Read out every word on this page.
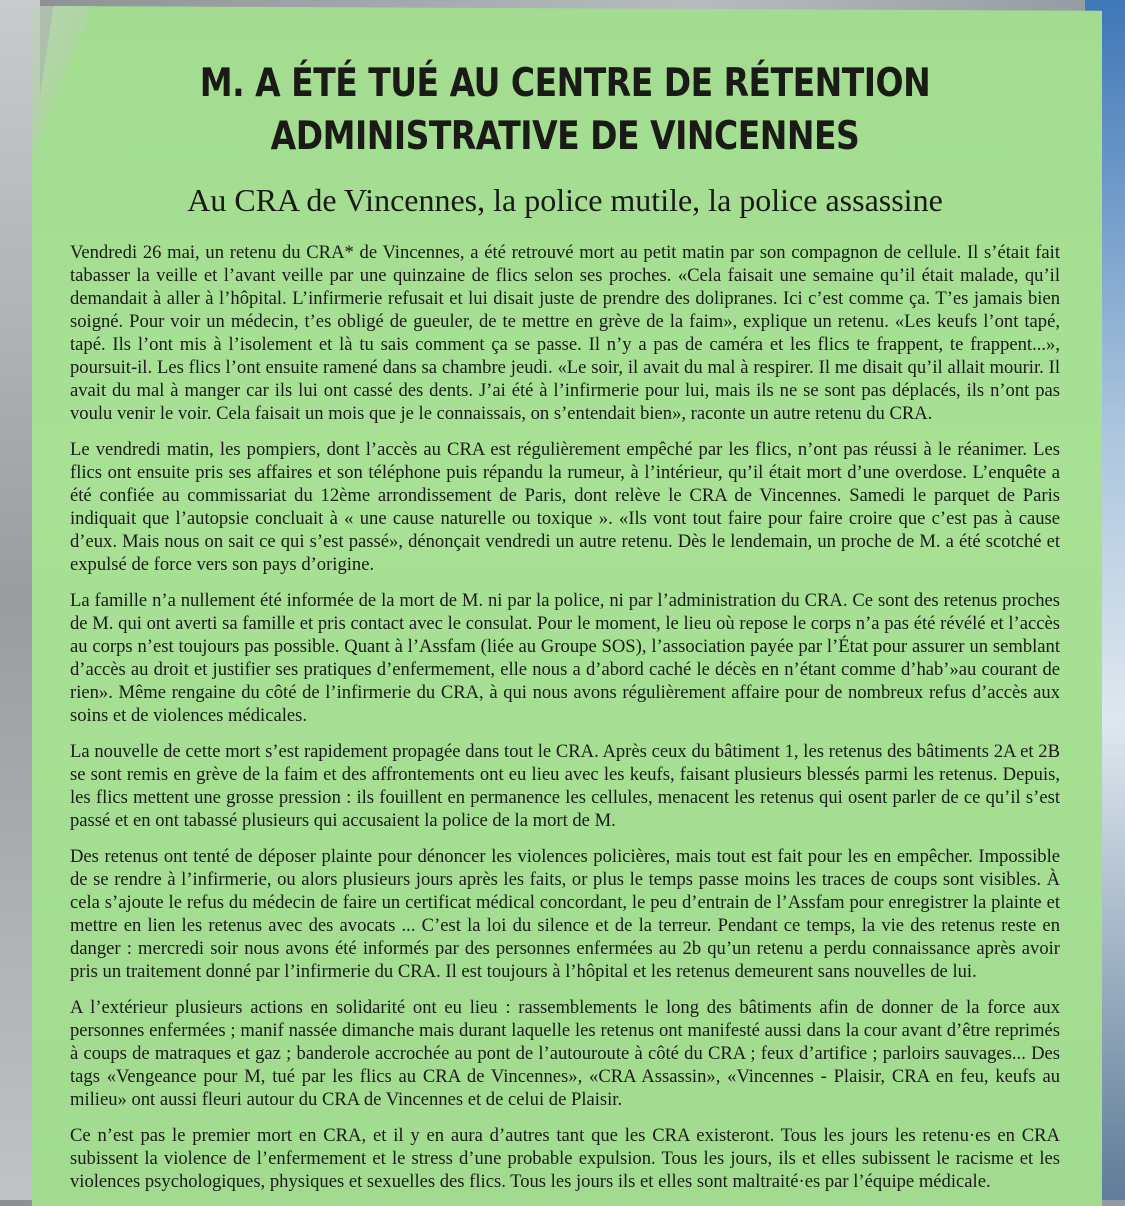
M. A ÉTÉ TUÉ AU CENTRE DE RÉTENTION ADMINISTRATIVE DE VINCENNES
Au CRA de Vincennes, la police mutile, la police assassine

Vendredi 26 mai, un retenu du CRA* de Vincennes, a été retrouvé mort au petit matin par son compagnon de cellule. Il s’était fait tabasser la veille et l’avant veille par une quinzaine de flics selon ses proches. «Cela faisait une semaine qu’il était malade, qu’il demandait à aller à l’hôpital. L’infirmerie refusait et lui disait juste de prendre des dolipranes. Ici c’est comme ça. T’es jamais bien soigné. Pour voir un médecin, t’es obligé de gueuler, de te mettre en grève de la faim», explique un retenu. «Les keufs l’ont tapé, tapé. Ils l’ont mis à l’isolement et là tu sais comment ça se passe. Il n’y a pas de caméra et les flics te frappent, te frappent...», poursuit-il. Les flics l’ont ensuite ramené dans sa chambre jeudi. «Le soir, il avait du mal à respirer. Il me disait qu’il allait mourir. Il avait du mal à manger car ils lui ont cassé des dents. J’ai été à l’infirmerie pour lui, mais ils ne se sont pas déplacés, ils n’ont pas voulu venir le voir. Cela faisait un mois que je le connaissais, on s’entendait bien», raconte un autre retenu du CRA.

Le vendredi matin, les pompiers, dont l’accès au CRA est régulièrement empêché par les flics, n’ont pas réussi à le réanimer. Les flics ont ensuite pris ses affaires et son téléphone puis répandu la rumeur, à l’intérieur, qu’il était mort d’une overdose. L’enquête a été confiée au commissariat du 12ème arrondissement de Paris, dont relève le CRA de Vincennes. Samedi le parquet de Paris indiquait que l’autopsie concluait à « une cause naturelle ou toxique ». «Ils vont tout faire pour faire croire que c’est pas à cause d’eux. Mais nous on sait ce qui s’est passé», dénonçait vendredi un autre retenu. Dès le lendemain, un proche de M. a été scotché et expulsé de force vers son pays d’origine.

La famille n’a nullement été informée de la mort de M. ni par la police, ni par l’administration du CRA. Ce sont des retenus proches de M. qui ont averti sa famille et pris contact avec le consulat. Pour le moment, le lieu où repose le corps n’a pas été révélé et l’accès au corps n’est toujours pas possible. Quant à l’Assfam (liée au Groupe SOS), l’association payée par l’État pour assurer un semblant d’accès au droit et justifier ses pratiques d’enfermement, elle nous a d’abord caché le décès en n’étant comme d’hab’»au courant de rien». Même rengaine du côté de l’infirmerie du CRA, à qui nous avons régulièrement affaire pour de nombreux refus d’accès aux soins et de violences médicales.

La nouvelle de cette mort s’est rapidement propagée dans tout le CRA. Après ceux du bâtiment 1, les retenus des bâtiments 2A et 2B se sont remis en grève de la faim et des affrontements ont eu lieu avec les keufs, faisant plusieurs blessés parmi les retenus. Depuis, les flics mettent une grosse pression : ils fouillent en permanence les cellules, menacent les retenus qui osent parler de ce qu’il s’est passé et en ont tabassé plusieurs qui accusaient la police de la mort de M.

Des retenus ont tenté de déposer plainte pour dénoncer les violences policières, mais tout est fait pour les en empêcher. Impossible de se rendre à l’infirmerie, ou alors plusieurs jours après les faits, or plus le temps passe moins les traces de coups sont visibles. À cela s’ajoute le refus du médecin de faire un certificat médical concordant, le peu d’entrain de l’Assfam pour enregistrer la plainte et mettre en lien les retenus avec des avocats ... C’est la loi du silence et de la terreur. Pendant ce temps, la vie des retenus reste en danger : mercredi soir nous avons été informés par des personnes enfermées au 2b qu’un retenu a perdu connaissance après avoir pris un traitement donné par l’infirmerie du CRA. Il est toujours à l’hôpital et les retenus demeurent sans nouvelles de lui.

A l’extérieur plusieurs actions en solidarité ont eu lieu : rassemblements le long des bâtiments afin de donner de la force aux personnes enfermées ; manif nassée dimanche mais durant laquelle les retenus ont manifesté aussi dans la cour avant d’être reprimés à coups de matraques et gaz ; banderole accrochée au pont de l’autourоute à côté du CRA ; feux d’artifice ; parloirs sauvages... Des tags «Vengeance pour M, tué par les flics au CRA de Vincennes», «CRA Assassin», «Vincennes - Plaisir, CRA en feu, keufs au milieu» ont aussi fleuri autour du CRA de Vincennes et de celui de Plaisir.

Ce n’est pas le premier mort en CRA, et il y en aura d’autres tant que les CRA existeront. Tous les jours les retenu·es en CRA subissent la violence de l’enfermement et le stress d’une probable expulsion. Tous les jours, ils et elles subissent le racisme et les violences psychologiques, physiques et sexuelles des flics. Tous les jours ils et elles sont maltraité·es par l’équipe médicale.
